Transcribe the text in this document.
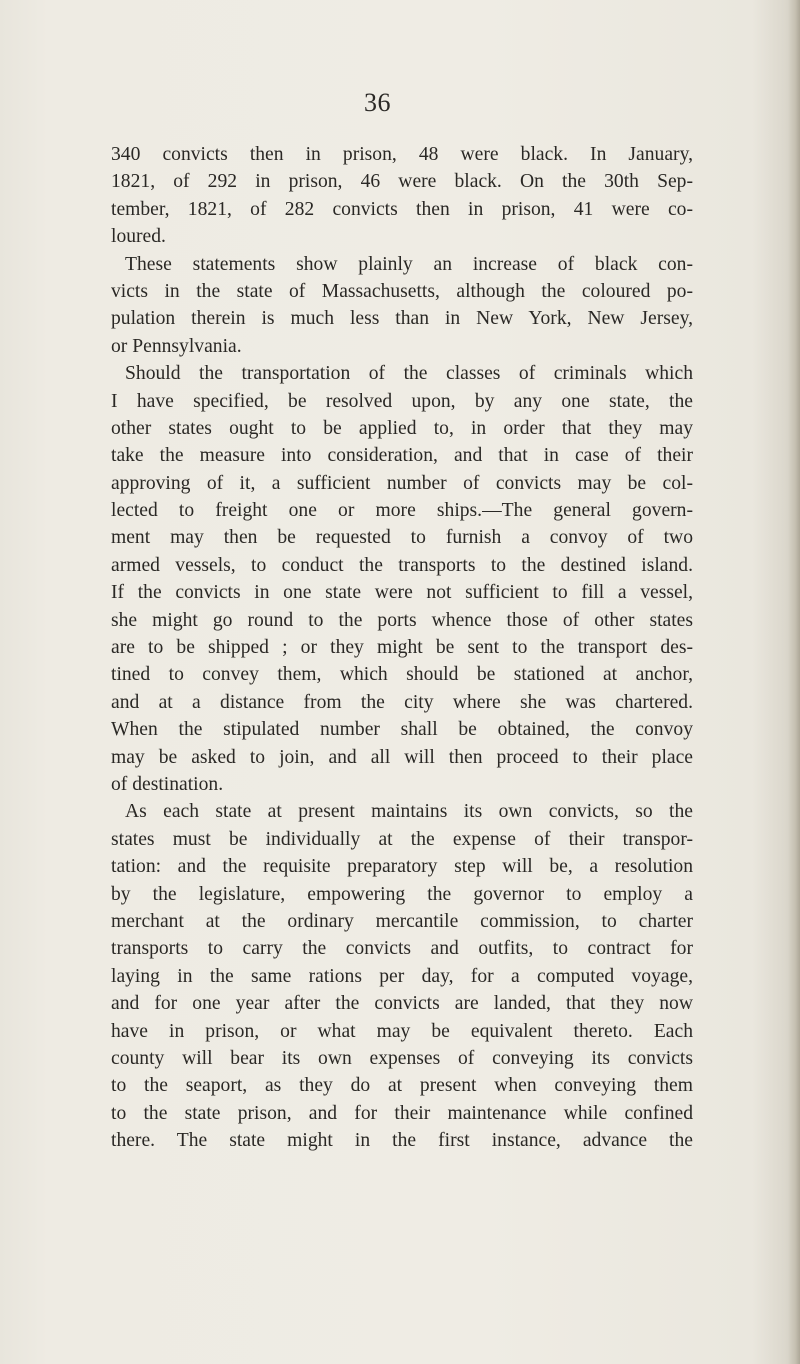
36
340 convicts then in prison, 48 were black. In January,
1821, of 292 in prison, 46 were black. On the 30th Sep-
tember, 1821, of 282 convicts then in prison, 41 were co-
loured.
These statements show plainly an increase of black con-
victs in the state of Massachusetts, although the coloured po-
pulation therein is much less than in New York, New Jersey,
or Pennsylvania.
Should the transportation of the classes of criminals which
I have specified, be resolved upon, by any one state, the
other states ought to be applied to, in order that they may
take the measure into consideration, and that in case of their
approving of it, a sufficient number of convicts may be col-
lected to freight one or more ships.—The general govern-
ment may then be requested to furnish a convoy of two
armed vessels, to conduct the transports to the destined island.
If the convicts in one state were not sufficient to fill a vessel,
she might go round to the ports whence those of other states
are to be shipped ; or they might be sent to the transport des-
tined to convey them, which should be stationed at anchor,
and at a distance from the city where she was chartered.
When the stipulated number shall be obtained, the convoy
may be asked to join, and all will then proceed to their place
of destination.
As each state at present maintains its own convicts, so the
states must be individually at the expense of their transpor-
tation: and the requisite preparatory step will be, a resolution
by the legislature, empowering the governor to employ a
merchant at the ordinary mercantile commission, to charter
transports to carry the convicts and outfits, to contract for
laying in the same rations per day, for a computed voyage,
and for one year after the convicts are landed, that they now
have in prison, or what may be equivalent thereto. Each
county will bear its own expenses of conveying its convicts
to the seaport, as they do at present when conveying them
to the state prison, and for their maintenance while confined
there. The state might in the first instance, advance the
